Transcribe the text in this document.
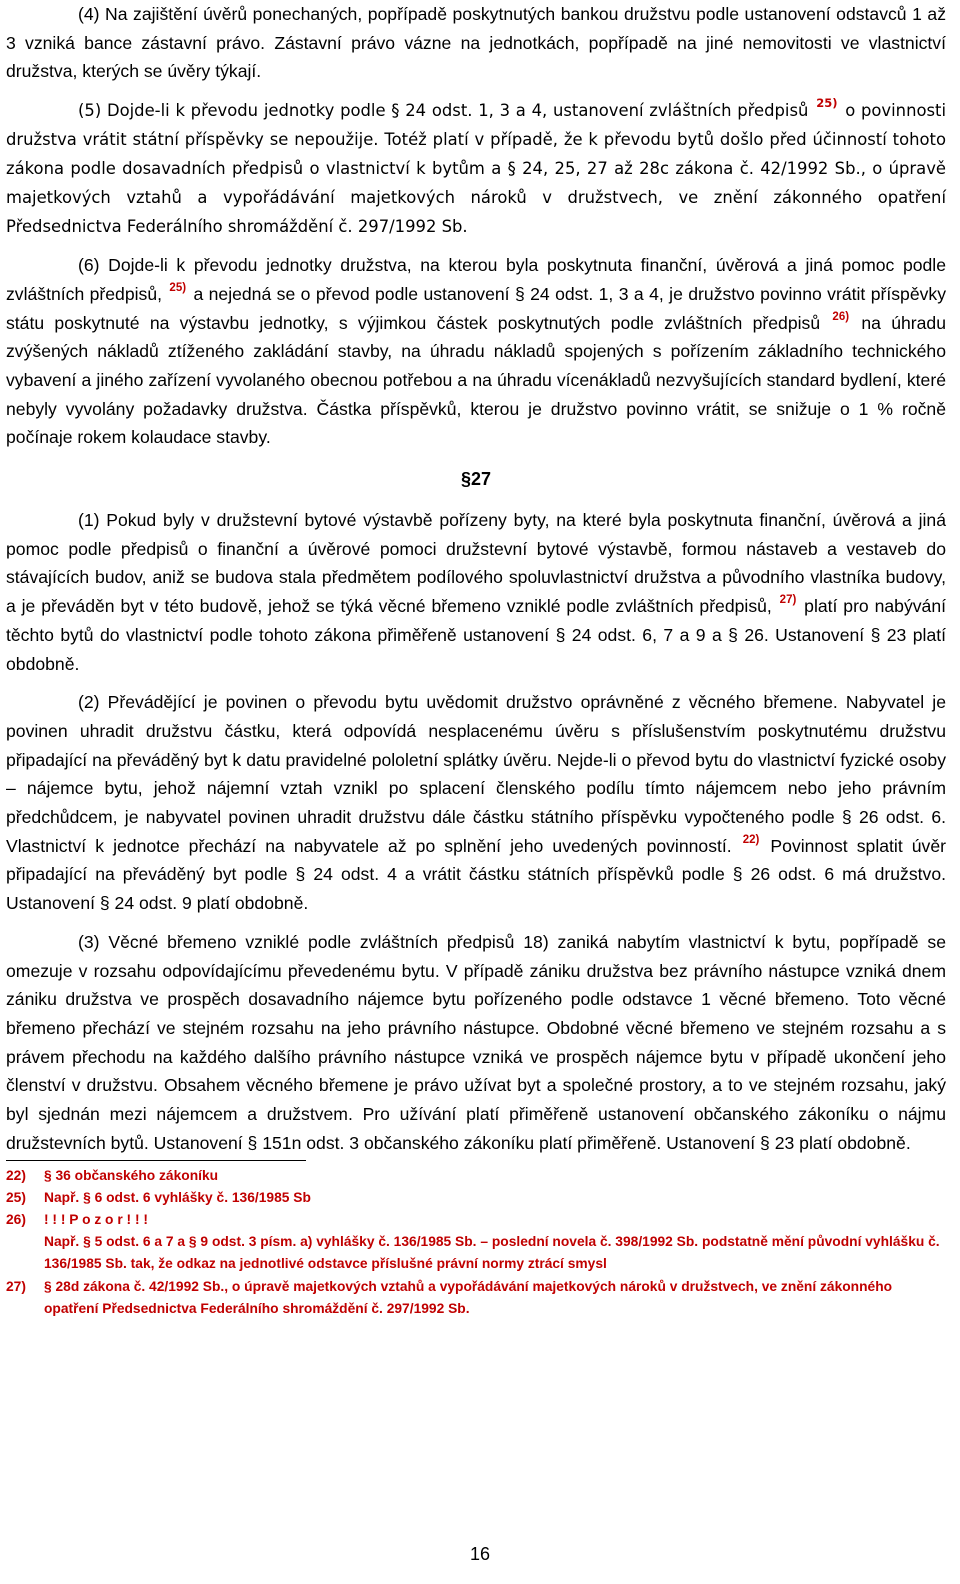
(4) Na zajištění úvěrů ponechaných, popřípadě poskytnutých bankou družstvu podle ustanovení odstavců 1 až 3 vzniká bance zástavní právo. Zástavní právo vázne na jednotkách, popřípadě na jiné nemovitosti ve vlastnictví družstva, kterých se úvěry týkají.

(5) Dojde-li k převodu jednotky podle § 24 odst. 1, 3 a 4, ustanovení zvláštních předpisů $^{25)}$ o povinnosti družstva vrátit státní příspěvky se nepoužije. Totéž platí v případě, že k převodu bytů došlo před účinností tohoto zákona podle dosavadních předpisů o vlastnictví k bytům a § 24, 25, 27 až 28c zákona č. 42/1992 Sb., o úpravě majetkových vztahů a vypořádávání majetkových nároků v družstvech, ve znění zákonného opatření Předsednictva Federálního shromáždění č. 297/1992 Sb.

(6) Dojde-li k převodu jednotky družstva, na kterou byla poskytnuta finanční, úvěrová a jiná pomoc podle zvláštních předpisů, $^{25)}$ a nejedná se o převod podle ustanovení § 24 odst. 1, 3 a 4, je družstvo povinno vrátit příspěvky státu poskytnuté na výstavbu jednotky, s výjimkou částek poskytnutých podle zvláštních předpisů $^{26)}$ na úhradu zvýšených nákladů ztíženého zakládání stavby, na úhradu nákladů spojených s pořízením základního technického vybavení a jiného zařízení vyvolaného obecnou potřebou a na úhradu vícenákladů nezvyšujících standard bydlení, které nebyly vyvolány požadavky družstva. Částka příspěvků, kterou je družstvo povinno vrátit, se snižuje o 1 % ročně počínaje rokem kolaudace stavby.

§27

(1) Pokud byly v družstevní bytové výstavbě pořízeny byty, na které byla poskytnuta finanční, úvěrová a jiná pomoc podle předpisů o finanční a úvěrové pomoci družstevní bytové výstavbě, formou nástaveb a vestaveb do stávajících budov, aniž se budova stala předmětem podílového spoluvlastnictví družstva a původního vlastníka budovy, a je převáděn byt v této budově, jehož se týká věcné břemeno vzniklé podle zvláštních předpisů, $^{27)}$ platí pro nabývání těchto bytů do vlastnictví podle tohoto zákona přiměřeně ustanovení § 24 odst. 6, 7 a 9 a § 26. Ustanovení § 23 platí obdobně.

(2) Převádějící je povinen o převodu bytu uvědomit družstvo oprávněné z věcného břemene. Nabyvatel je povinen uhradit družstvu částku, která odpovídá nesplacenému úvěru s příslušenstvím poskytnutému družstvu připadající na převáděný byt k datu pravidelné pololetní splátky úvěru. Nejde-li o převod bytu do vlastnictví fyzické osoby – nájemce bytu, jehož nájemní vztah vznikl po splacení členského podílu tímto nájemcem nebo jeho právním předchůdcem, je nabyvatel povinen uhradit družstvu dále částku státního příspěvku vypočteného podle § 26 odst. 6. Vlastnictví k jednotce přechází na nabyvatele až po splnění jeho uvedených povinností. $^{22)}$ Povinnost splatit úvěr připadající na převáděný byt podle § 24 odst. 4 a vrátit částku státních příspěvků podle § 26 odst. 6 má družstvo. Ustanovení § 24 odst. 9 platí obdobně.

(3) Věcné břemeno vzniklé podle zvláštních předpisů 18) zaniká nabytím vlastnictví k bytu, popřípadě se omezuje v rozsahu odpovídajícímu převedenému bytu. V případě zániku družstva bez právního nástupce vzniká dnem zániku družstva ve prospěch dosavadního nájemce bytu pořízeného podle odstavce 1 věcné břemeno. Toto věcné břemeno přechází ve stejném rozsahu na jeho právního nástupce. Obdobné věcné břemeno ve stejném rozsahu a s právem přechodu na každého dalšího právního nástupce vzniká ve prospěch nájemce bytu v případě ukončení jeho členství v družstvu. Obsahem věcného břemene je právo užívat byt a společné prostory, a to ve stejném rozsahu, jaký byl sjednán mezi nájemcem a družstvem. Pro užívání platí přiměřeně ustanovení občanského zákoníku o nájmu družstevních bytů. Ustanovení § 151n odst. 3 občanského zákoníku platí přiměřeně. Ustanovení § 23 platí obdobně.

22)	§ 36 občanského zákoníku
25)	Např. § 6 odst. 6 vyhlášky č. 136/1985 Sb
26)	! ! ! P o z o r ! ! !
Např. § 5 odst. 6 a 7 a § 9 odst. 3 písm. a) vyhlášky č. 136/1985 Sb. – poslední novela č. 398/1992 Sb. podstatně mění původní vyhlášku č. 136/1985 Sb. tak, že odkaz na jednotlivé odstavce příslušné právní normy ztrácí smysl
27)	§ 28d zákona č. 42/1992 Sb., o úpravě majetkových vztahů a vypořádávání majetkových nároků v družstvech, ve znění zákonného opatření Předsednictva Federálního shromáždění č. 297/1992 Sb.
16
